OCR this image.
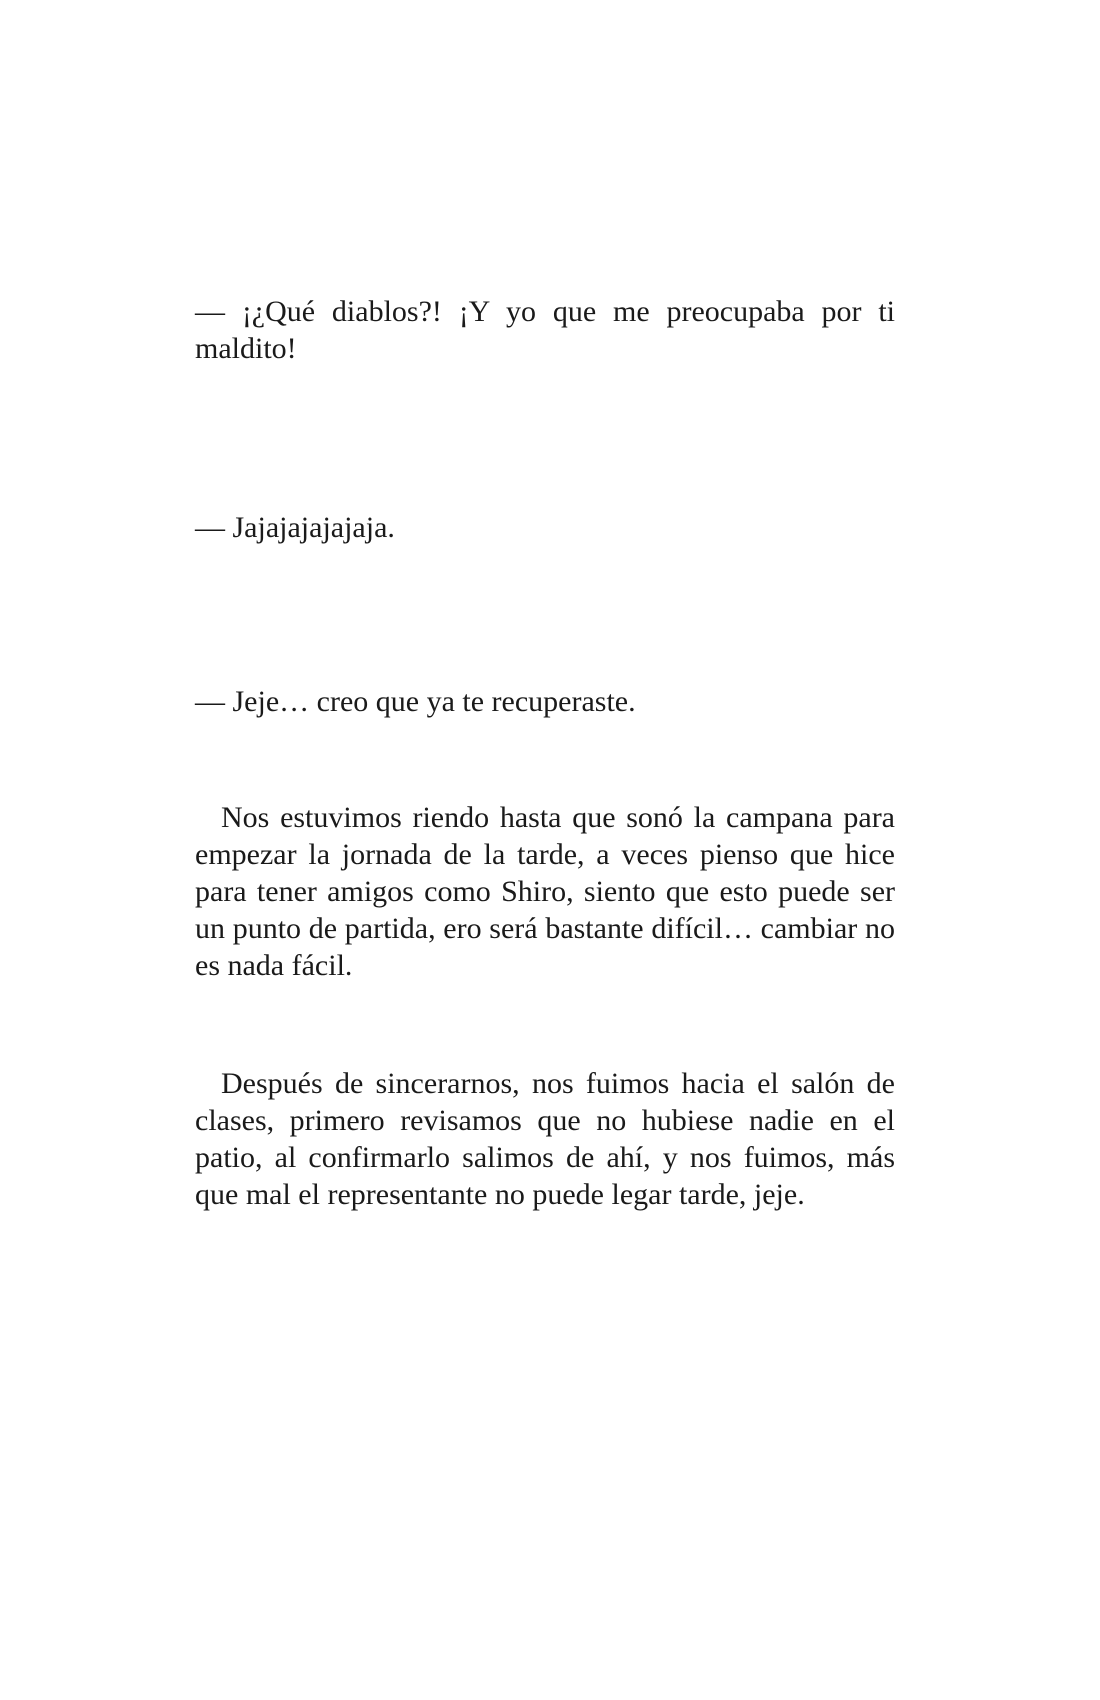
— ¡¿Qué diablos?! ¡Y yo que me preocupaba por ti maldito!

— Jajajajajajaja.

— Jeje… creo que ya te recuperaste.

Nos estuvimos riendo hasta que sonó la campana para empezar la jornada de la tarde, a veces pienso que hice para tener amigos como Shiro, siento que esto puede ser un punto de partida, ero será bastante difícil… cambiar no es nada fácil.

Después de sincerarnos, nos fuimos hacia el salón de clases, primero revisamos que no hubiese nadie en el patio, al confirmarlo salimos de ahí, y nos fuimos, más que mal el representante no puede legar tarde, jeje.
